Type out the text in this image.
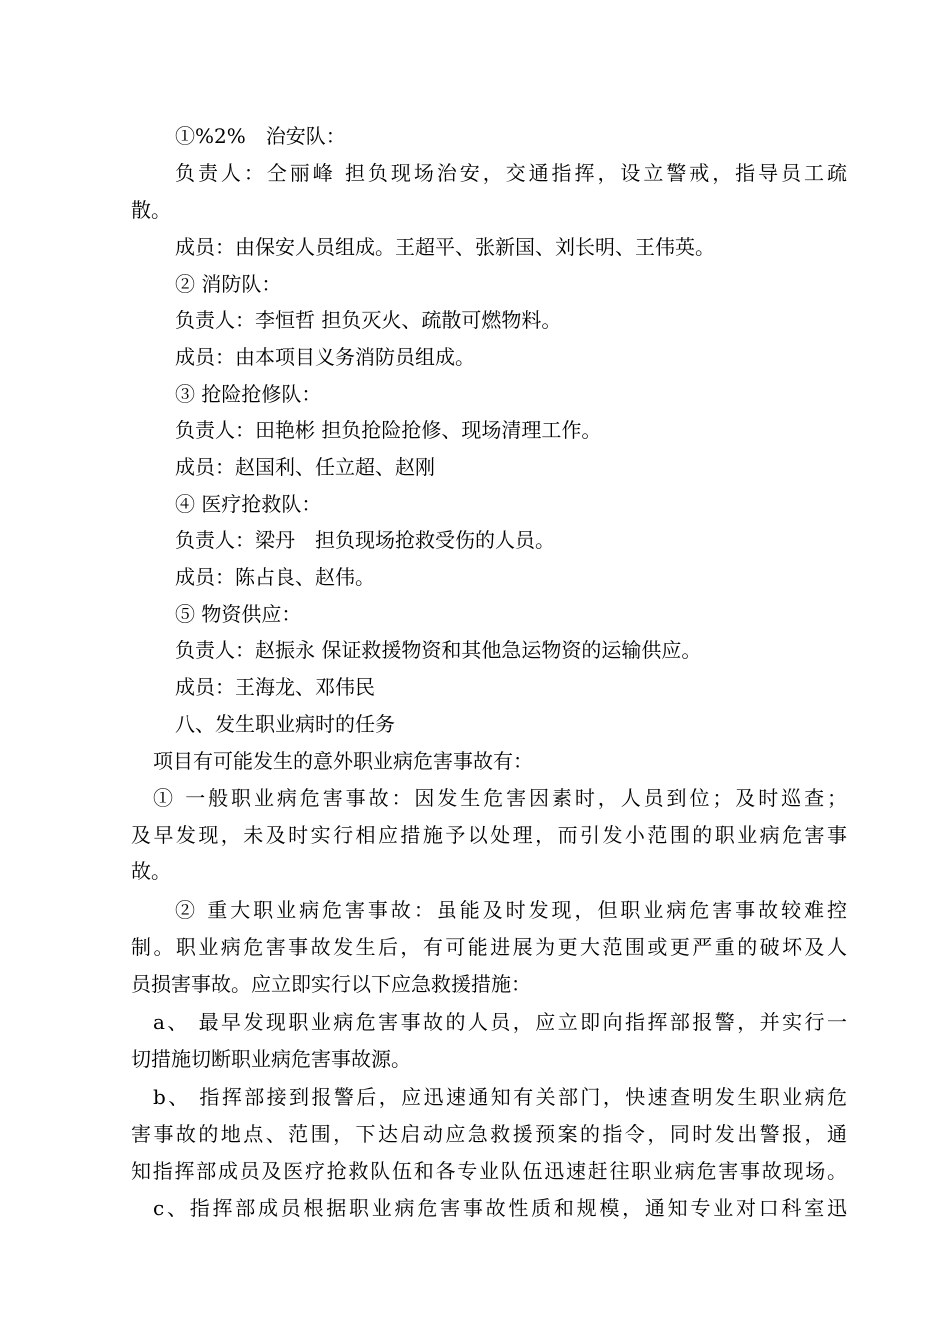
①%2%　治安队：

负责人：仝丽峰 担负现场治安，交通指挥，设立警戒，指导员工疏

散。

成员：由保安人员组成。王超平、张新国、刘长明、王伟英。

② 消防队：

负责人：李恒哲 担负灭火、疏散可燃物料。

成员：由本项目义务消防员组成。

③ 抢险抢修队：

负责人：田艳彬 担负抢险抢修、现场清理工作。

成员：赵国利、任立超、赵刚

④ 医疗抢救队：

负责人：梁丹　担负现场抢救受伤的人员。

成员：陈占良、赵伟。

⑤ 物资供应：

负责人：赵振永 保证救援物资和其他急运物资的运输供应。

成员：王海龙、邓伟民

八、发生职业病时的任务

项目有可能发生的意外职业病危害事故有：

① 一般职业病危害事故：因发生危害因素时，人员到位；及时巡查；

及早发现，未及时实行相应措施予以处理，而引发小范围的职业病危害事

故。

② 重大职业病危害事故：虽能及时发现，但职业病危害事故较难控

制。职业病危害事故发生后，有可能进展为更大范围或更严重的破坏及人

员损害事故。应立即实行以下应急救援措施：

a、 最早发现职业病危害事故的人员，应立即向指挥部报警，并实行一

切措施切断职业病危害事故源。

b、 指挥部接到报警后，应迅速通知有关部门，快速查明发生职业病危

害事故的地点、范围，下达启动应急救援预案的指令，同时发出警报，通

知指挥部成员及医疗抢救队伍和各专业队伍迅速赶往职业病危害事故现场。

c、指挥部成员根据职业病危害事故性质和规模，通知专业对口科室迅
